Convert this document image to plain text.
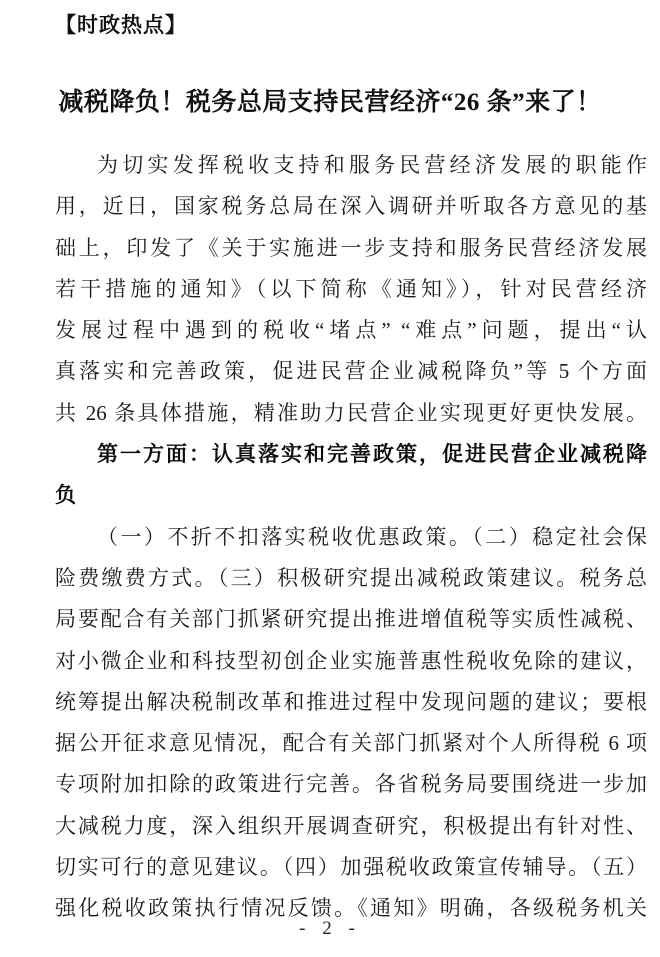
【时政热点】
减税降负！税务总局支持民营经济“26 条”来了！
为切实发挥税收支持和服务民营经济发展的职能作
用，近日，国家税务总局在深入调研并听取各方意见的基
础上，印发了《关于实施进一步支持和服务民营经济发展
若干措施的通知》（以下简称《通知》），针对民营经济
发展过程中遇到的税收“堵点” “难点”问题，提出“认
真落实和完善政策，促进民营企业减税降负”等 5 个方面
共 26 条具体措施，精准助力民营企业实现更好更快发展。
第一方面：认真落实和完善政策，促进民营企业减税降
负
（一）不折不扣落实税收优惠政策。（二）稳定社会保
险费缴费方式。（三）积极研究提出减税政策建议。税务总
局要配合有关部门抓紧研究提出推进增值税等实质性减税、
对小微企业和科技型初创企业实施普惠性税收免除的建议，
统筹提出解决税制改革和推进过程中发现问题的建议；要根
据公开征求意见情况，配合有关部门抓紧对个人所得税 6 项
专项附加扣除的政策进行完善。各省税务局要围绕进一步加
大减税力度，深入组织开展调查研究，积极提出有针对性、
切实可行的意见建议。（四）加强税收政策宣传辅导。（五）
强化税收政策执行情况反馈。《通知》明确，各级税务机关
- 2 -
